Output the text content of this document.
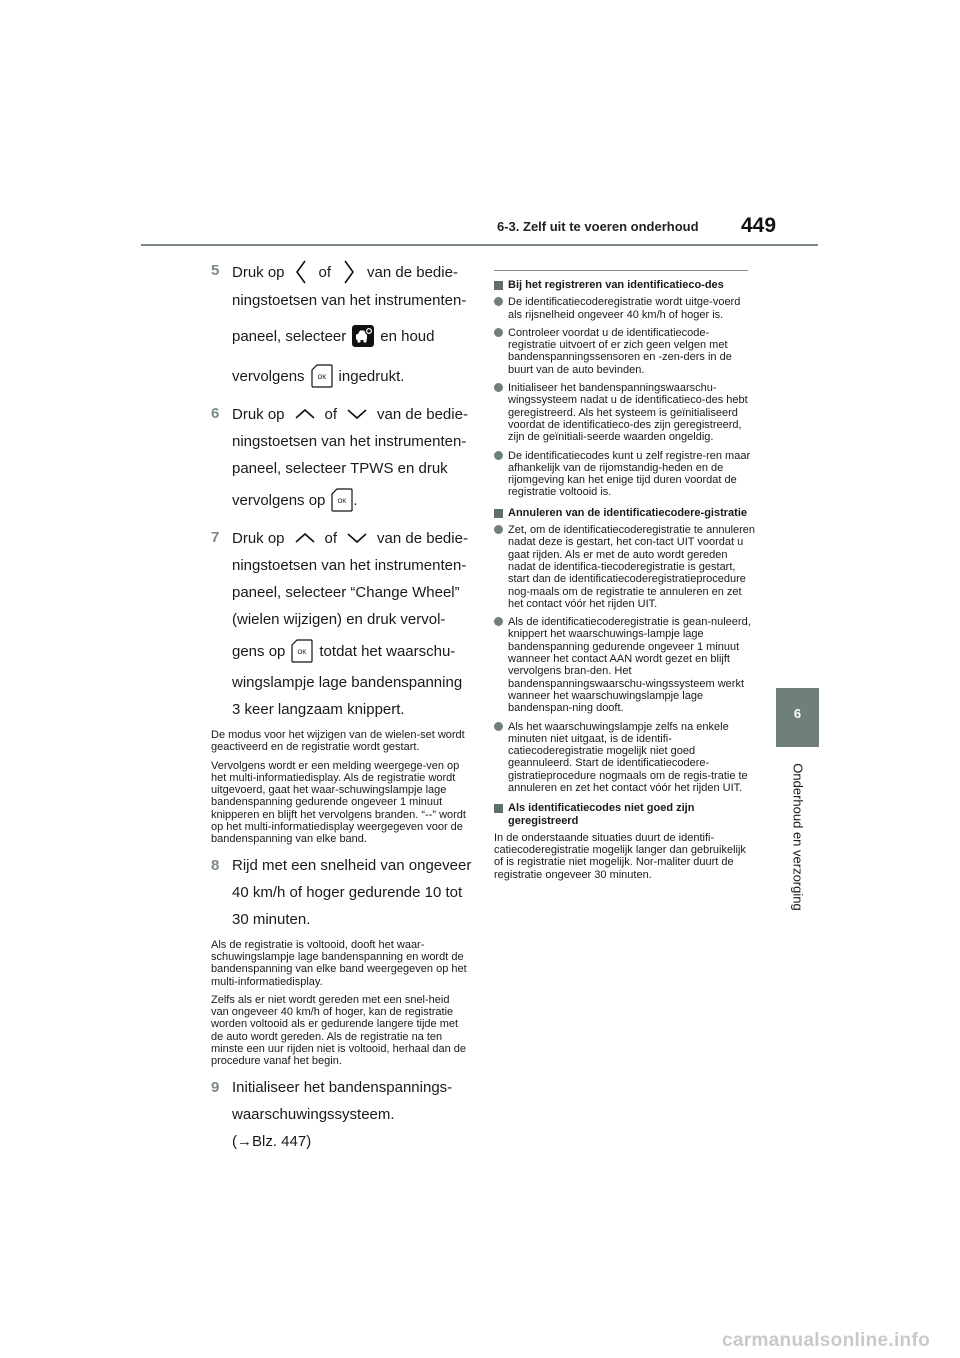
6-3. Zelf uit te voeren onderhoud 449
6
Onderhoud en verzorging
5 Druk op of van de bedie-
ningstoetsen van het instrumenten-
paneel, selecteer en houd
vervolgens OK ingedrukt.
6 Druk op	of	van de bedie-
ningstoetsen van het instrumenten-
paneel, selecteer TPWS en druk
vervolgens op OK .
7 Druk op	of	van de bedie-
ningstoetsen van het instrumenten-
paneel, selecteer “Change Wheel”
(wielen wijzigen) en druk vervol-
gens op OK totdat het waarschu-
wingslampje lage bandenspanning
3 keer langzaam knippert.

De modus voor het wijzigen van de wielen-set wordt geactiveerd en de registratie wordt gestart.

Vervolgens wordt er een melding weergege-ven op het multi-informatiedisplay. Als de registratie wordt uitgevoerd, gaat het waar-schuwingslampje lage bandenspanning gedurende ongeveer 1 minuut knipperen en blijft het vervolgens branden. “--” wordt op het multi-informatiedisplay weergegeven voor de bandenspanning van elke band.

8 Rijd met een snelheid van ongeveer
40 km/h of hoger gedurende 10 tot
30 minuten.

Als de registratie is voltooid, dooft het waar-schuwingslampje lage bandenspanning en wordt de bandenspanning van elke band weergegeven op het multi-informatiedisplay.

Zelfs als er niet wordt gereden met een snel-heid van ongeveer 40 km/h of hoger, kan de registratie worden voltooid als er gedurende langere tijde met de auto wordt gereden. Als de registratie na ten minste een uur rijden niet is voltooid, herhaal dan de procedure vanaf het begin.

9 Initialiseer het bandenspannings-
waarschuwingssysteem.
(→Blz. 447)
Bij het registreren van identificatieco-des
De identificatiecoderegistratie wordt uitge-voerd als rijsnelheid ongeveer 40 km/h of hoger is.
Controleer voordat u de identificatiecode-registratie uitvoert of er zich geen velgen met bandenspanningssensoren en -zen-ders in de buurt van de auto bevinden.
Initialiseer het bandenspanningswaarschu-wingssysteem nadat u de identificatieco-des hebt geregistreerd. Als het systeem is geïnitialiseerd voordat de identificatieco-des zijn geregistreerd, zijn de geïnitiali-seerde waarden ongeldig.
De identificatiecodes kunt u zelf registre-ren maar afhankelijk van de rijomstandig-heden en de rijomgeving kan het enige tijd duren voordat de registratie voltooid is.
Annuleren van de identificatiecodere-gistratie
Zet, om de identificatiecoderegistratie te annuleren nadat deze is gestart, het con-tact UIT voordat u gaat rijden. Als er met de auto wordt gereden nadat de identifica-tiecoderegistratie is gestart, start dan de identificatiecoderegistratieprocedure nog-maals om de registratie te annuleren en zet het contact vóór het rijden UIT.
Als de identificatiecoderegistratie is gean-nuleerd, knippert het waarschuwings-lampje lage bandenspanning gedurende ongeveer 1 minuut wanneer het contact AAN wordt gezet en blijft vervolgens bran-den. Het bandenspanningswaarschu-wingssysteem werkt wanneer het waarschuwingslampje lage bandenspan-ning dooft.
Als het waarschuwingslampje zelfs na enkele minuten niet uitgaat, is de identifi-catiecoderegistratie mogelijk niet goed geannuleerd. Start de identificatiecodere-gistratieprocedure nogmaals om de regis-tratie te annuleren en zet het contact vóór het rijden UIT.
Als identificatiecodes niet goed zijn geregistreerd

In de onderstaande situaties duurt de identifi-catiecoderegistratie mogelijk langer dan gebruikelijk of is registratie niet mogelijk. Nor-maliter duurt de registratie ongeveer 30 minuten.

carmanualsonline.info
